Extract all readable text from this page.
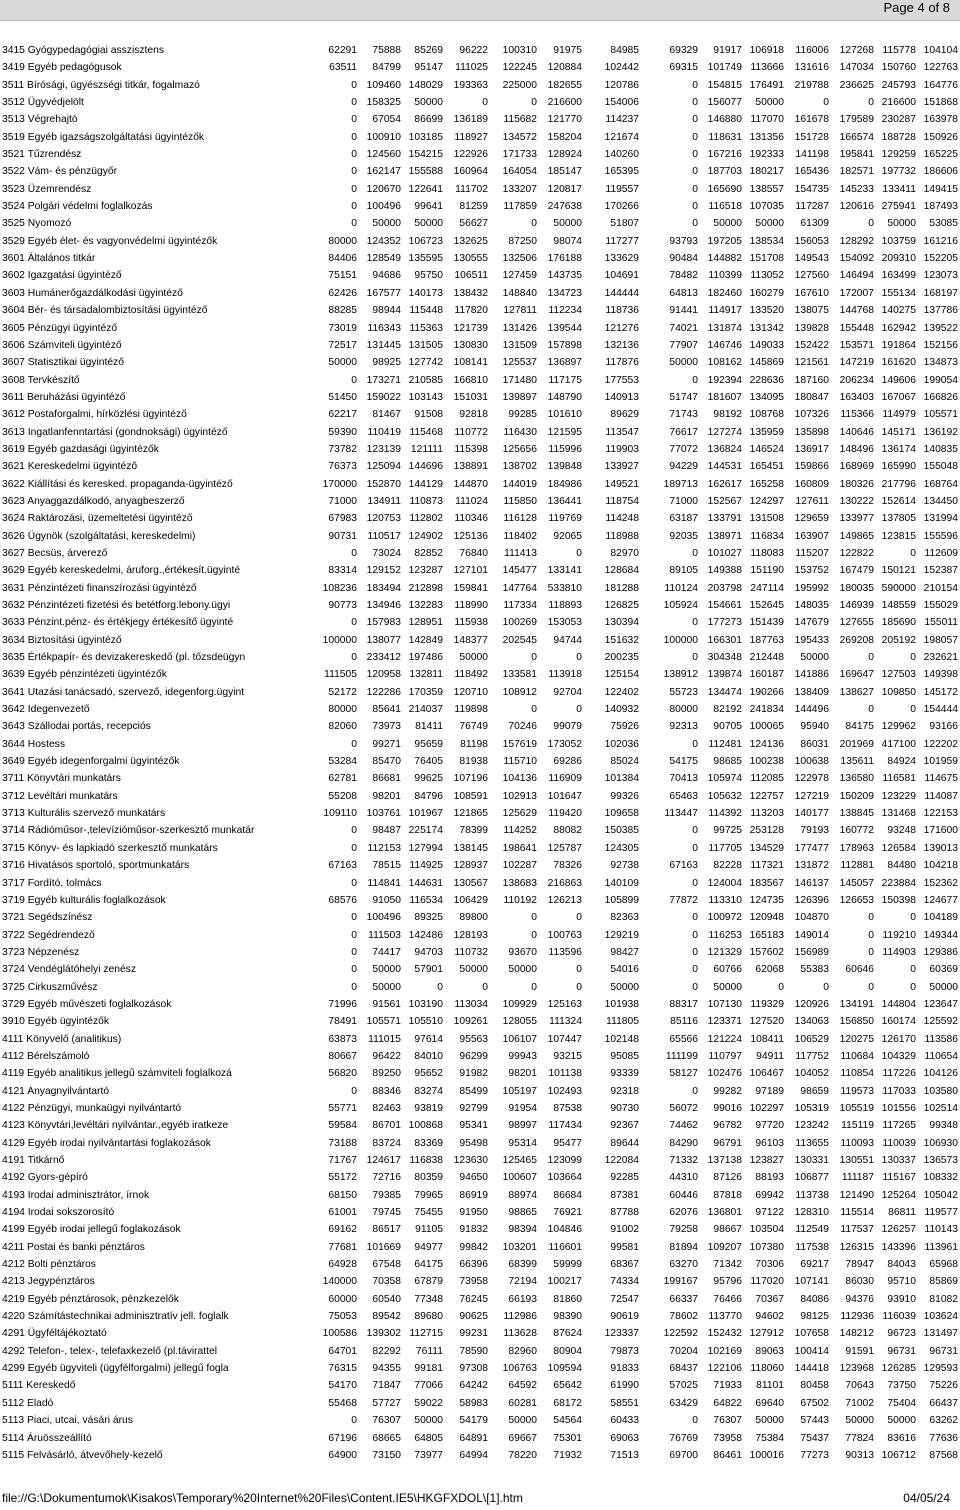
Page 4 of 8
3415 Gyógypedagógiai asszisztens	62291	75888	85269	96222	100310	91975	84985	69329	91917	106918	116006	127268	115778	104104
3419 Egyéb pedagógusok	63511	84799	95147	111025	122245	120884	102442	69315	101749	113666	131616	147034	150760	122763
3511 Bírósági, ügyészségi titkár, fogalmazó	0	109460	148029	193363	225000	182655	120786	0	154815	176491	219788	236625	245793	164776
3512 Ügyvédjelölt	0	158325	50000	0	0	216600	154006	0	156077	50000	0	0	216600	151868
3513 Végrehajtó	0	67054	86699	136189	115682	121770	114237	0	146880	117070	161678	179589	230287	163978
3519 Egyéb igazságszolgáltatási ügyintézők	0	100910	103185	118927	134572	158204	121674	0	118631	131356	151728	166574	188728	150926
3521 Tűzrendész	0	124560	154215	122926	171733	128924	140260	0	167216	192333	141198	195841	129259	165225
3522 Vám- és pénzügyőr	0	162147	155588	160964	164054	185147	165395	0	187703	180217	165436	182571	197732	186606
3523 Üzemrendész	0	120670	122641	111702	133207	120817	119557	0	165690	138557	154735	145233	133411	149415
3524 Polgári védelmi foglalkozás	0	100496	99641	81259	117859	247638	170266	0	116518	107035	117287	120616	275941	187493
3525 Nyomozó	0	50000	50000	56627	0	50000	51807	0	50000	50000	61309	0	50000	53085
3529 Egyéb élet- és vagyonvédelmi ügyintézők	80000	124352	106723	132625	87250	98074	117277	93793	197205	138534	156053	128292	103759	161216
3601 Általános titkár	84406	128549	135595	130555	132506	176188	133629	90484	144882	151708	149543	154092	209310	152205
3602 Igazgatási ügyintéző	75151	94686	95750	106511	127459	143735	104691	78482	110399	113052	127560	146494	163499	123073
3603 Humánerőgazdálkodási ügyintéző	62426	167577	140173	138432	148840	134723	144444	64813	182460	160279	167610	172007	155134	168197
3604 Bér- és társadalombiztosítási ügyintéző	88285	98944	115448	117820	127811	112234	118736	91441	114917	133520	138075	144768	140275	137786
3605 Pénzügyi ügyintéző	73019	116343	115363	121739	131426	139544	121276	74021	131874	131342	139828	155448	162942	139522
3606 Számviteli ügyintéző	72517	131445	131505	130830	131509	157898	132136	77907	146746	149033	152422	153571	191864	152156
3607 Statisztikai ügyintéző	50000	98925	127742	108141	125537	136897	117876	50000	108162	145869	121561	147219	161620	134873
3608 Tervkészítő	0	173271	210585	166810	171480	117175	177553	0	192394	228636	187160	206234	149606	199054
3611 Beruházási ügyintéző	51450	159022	103143	151031	139897	148790	140913	51747	181607	134095	180847	163403	167067	166826
3612 Postaforgalmi, hírközlési ügyintéző	62217	81467	91508	92818	99285	101610	89629	71743	98192	108768	107326	115366	114979	105571
3613 Ingatlanfenntartási (gondnoksági) ügyintéző	59390	110419	115468	110772	116430	121595	113547	76617	127274	135959	135898	140646	145171	136192
3619 Egyéb gazdasági ügyintézők	73782	123139	121111	115398	125656	115996	119903	77072	136824	146524	136917	148496	136174	140835
3621 Kereskedelmi ügyintéző	76373	125094	144696	138891	138702	139848	133927	94229	144531	165451	159866	168969	165990	155048
3622 Kiállítási és keresked. propaganda-ügyintéző	170000	152870	144129	144870	144019	184986	149521	189713	162617	165258	160809	180326	217796	168764
3623 Anyaggazdálkodó, anyagbeszerző	71000	134911	110873	111024	115850	136441	118754	71000	152567	124297	127611	130222	152614	134450
3624 Raktározási, üzemeltetési ügyintéző	67983	120753	112802	110346	116128	119769	114248	63187	133791	131508	129659	133977	137805	131994
3626 Ügynök (szolgáltatási, kereskedelmi)	90731	110517	124902	125136	118402	92065	118988	92035	138971	116834	163907	149865	123815	155596
3627 Becsüs, árverező	0	73024	82852	76840	111413	0	82970	0	101027	118083	115207	122822	0	112609
3629 Egyéb kereskedelmi, áruforg.,értékesít.ügyinté	83314	129152	123287	127101	145477	133141	128684	89105	149388	151190	153752	167479	150121	152387
3631 Pénzintézeti finanszírozási ügyintéző	108236	183494	212898	159841	147764	533810	181288	110124	203798	247114	195992	180035	590000	210154
3632 Pénzintézeti fizetési és betétforg.lebony.ügyi	90773	134946	132283	118990	117334	118893	126825	105924	154661	152645	148035	146939	148559	155029
3633 Pénzint.pénz- és értékjegy értékesítő ügyinté	0	157983	128951	115938	100269	153053	130394	0	177273	151439	147679	127655	185690	155011
3634 Biztosítási ügyintéző	100000	138077	142849	148377	202545	94744	151632	100000	166301	187763	195433	269208	205192	198057
3635 Értékpapír- és devizakereskedő (pl. tőzsdeügyn	0	233412	197486	50000	0	0	200235	0	304348	212448	50000	0	0	232621
3639 Egyéb pénzintézeti ügyintézők	111505	120958	132811	118492	133581	113918	125154	138912	139874	160187	141886	169647	127503	149398
3641 Utazási tanácsadó, szervező, idegenforg.ügyint	52172	122286	170359	120710	108912	92704	122402	55723	134474	190266	138409	138627	109850	145172
3642 Idegenvezető	80000	85641	214037	119898	0	0	140932	80000	82192	241834	144496	0	0	154444
3643 Szállodai portás, recepciós	82060	73973	81411	76749	70246	99079	75926	92313	90705	100065	95940	84175	129962	93166
3644 Hostess	0	99271	95659	81198	157619	173052	102036	0	112481	124136	86031	201969	417100	122202
3649 Egyéb idegenforgalmi ügyintézők	53284	85470	76405	81938	115710	69286	85024	54175	98685	100238	100638	135611	84924	101959
3711 Könyvtári munkatárs	62781	86681	99625	107196	104136	116909	101384	70413	105974	112085	122978	136580	116581	114675
3712 Levéltári munkatárs	55208	98201	84796	108591	102913	101647	99326	65463	105632	122757	127219	150209	123229	114087
3713 Kulturális szervező munkatárs	109110	103761	101967	121865	125629	119420	109658	113447	114392	113203	140177	138845	131468	122153
3714 Rádióműsor-,televízióműsor-szerkesztő munkatár	0	98487	225174	78399	114252	88082	150385	0	99725	253128	79193	160772	93248	171600
3715 Könyv- és lapkiadó szerkesztő munkatárs	0	112153	127994	138145	198641	125787	124305	0	117705	134529	177477	178963	126584	139013
3716 Hivatásos sportoló, sportmunkatárs	67163	78515	114925	128937	102287	78326	92738	67163	82228	117321	131872	112881	84480	104218
3717 Fordító, tolmács	0	114841	144631	130567	138683	216863	140109	0	124004	183567	146137	145057	223884	152362
3719 Egyéb kulturális foglalkozások	68576	91050	116534	106429	110192	126213	105899	77872	113310	124735	126396	126653	150398	124677
3721 Segédszínész	0	100496	89325	89800	0	0	82363	0	100972	120948	104870	0	0	104189
3722 Segédrendező	0	111503	142486	128193	0	100763	129219	0	116253	165183	149014	0	119210	149344
3723 Népzenész	0	74417	94703	110732	93670	113596	98427	0	121329	157602	156989	0	114903	129386
3724 Vendéglátóhelyi zenész	0	50000	57901	50000	50000	0	54016	0	60766	62068	55383	60646	0	60369
3725 Cirkuszművész	0	50000	0	0	0	0	50000	0	50000	0	0	0	0	50000
3729 Egyéb művészeti foglalkozások	71996	91561	103190	113034	109929	125163	101938	88317	107130	119329	120926	134191	144804	123647
3910 Egyéb ügyintézők	78491	105571	105510	109261	128055	111324	111805	85116	123371	127520	134063	156850	160174	125592
4111 Könyvelő (analitikus)	63873	111015	97614	95563	106107	107447	102148	65566	121224	108411	106529	120275	126170	113586
4112 Bérelszámoló	80667	96422	84010	96299	99943	93215	95085	111199	110797	94911	117752	110684	104329	110654
4119 Egyéb analitikus jellegű számviteli foglalkozá	56820	89250	95652	91982	98201	101138	93339	58127	102476	106467	104052	110854	117226	104126
4121 Anyagnyilvántartó	0	88346	83274	85499	105197	102493	92318	0	99282	97189	98659	119573	117033	103580
4122 Pénzügyi, munkaügyi nyilvántartó	55771	82463	93819	92799	91954	87538	90730	56072	99016	102297	105319	105519	101556	102514
4123 Könyvtári,levéltári nyilvántar.,egyéb iratkeze	59584	86701	100868	95341	98997	117434	92367	74462	96782	97720	123242	115119	117265	99348
4129 Egyéb irodai nyilvántartási foglakozások	73188	83724	83369	95498	95314	95477	89644	84290	96791	96103	113655	110093	110039	106930
4191 Titkárnő	71767	124617	116838	123630	125465	123099	122084	71332	137138	123827	130331	130551	130337	136573
4192 Gyors-gépíró	55172	72716	80359	94650	100607	103664	92285	44310	87126	88193	106877	111187	115167	108332
4193 Irodai adminisztrátor, írnok	68150	79385	79965	86919	88974	86684	87381	60446	87818	69942	113738	121490	125264	105042
4194 Irodai sokszorosító	61001	79745	75455	91950	98865	76921	87788	62076	136801	97122	128310	115514	86811	119577
4199 Egyéb irodai jellegű foglakozások	69162	86517	91105	91832	98394	104846	91002	79258	98667	103504	112549	117537	126257	110143
4211 Postai és banki pénztáros	77681	101669	94977	99842	103201	116601	99581	81894	109207	107380	117538	126315	143396	113961
4212 Bolti pénztáros	64928	67548	64175	66396	68399	59999	68367	63270	71342	70306	69217	78947	84043	65968
4213 Jegypénztáros	140000	70358	67879	73958	72194	100217	74334	199167	95796	117020	107141	86030	95710	85869
4219 Egyéb pénztárosok, pénzkezelők	60000	60540	77348	76245	66193	81860	72547	66337	76466	70367	84086	94376	93910	81082
4220 Számítástechnikai adminisztratív jell. foglalk	75053	89542	89680	90625	112986	98390	90619	78602	113770	94602	98125	112936	116039	103624
4291 Ügyféltájékoztató	100586	139302	112715	99231	113628	87624	123337	122592	152432	127912	107658	148212	96723	131497
4292 Telefon-, telex-, telefaxkezelő (pl.távirattel	64701	82292	76111	78590	82960	80904	79873	70204	102169	89063	100414	91591	96731	96731
4299 Egyéb ügyviteli (ügyfélforgalmi) jellegű fogla	76315	94355	99181	97308	106763	109594	91833	68437	122106	118060	144418	123968	126285	129593
5111 Kereskedő	54170	71847	77066	64242	64592	65642	61990	57025	71933	81101	80458	70643	73750	75226
5112 Eladó	55468	57727	59022	58983	60281	68172	58551	63429	64822	69640	67502	71002	75404	66437
5113 Piaci, utcai, vásári árus	0	76307	50000	54179	50000	54564	60433	0	76307	50000	57443	50000	50000	63262
5114 Áruösszeállító	67196	68665	64805	64891	69667	75301	69063	76769	73958	75384	75437	77824	83616	77636
5115 Felvásárló, átvevőhely-kezelő	64900	73150	73977	64994	78220	71932	71513	69700	86461	100016	77273	90313	106712	87568
file://G:\Dokumentumok\Kisakos\Temporary%20Internet%20Files\Content.IE5\HKGFXDOL\[1].htm	04/05/24
